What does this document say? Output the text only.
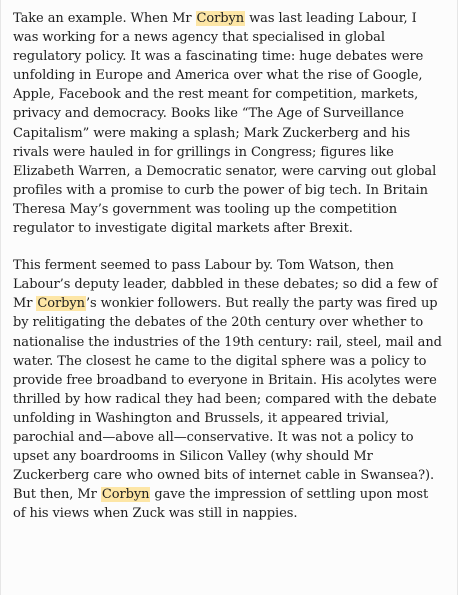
Take an example. When Mr Corbyn was last leading Labour, I
was working for a news agency that specialised in global
regulatory policy. It was a fascinating time: huge debates were
unfolding in Europe and America over what the rise of Google,
Apple, Facebook and the rest meant for competition, markets,
privacy and democracy. Books like “The Age of Surveillance
Capitalism” were making a splash; Mark Zuckerberg and his
rivals were hauled in for grillings in Congress; figures like
Elizabeth Warren, a Democratic senator, were carving out global
profiles with a promise to curb the power of big tech. In Britain
Theresa May’s government was tooling up the competition
regulator to investigate digital markets after Brexit.

This ferment seemed to pass Labour by. Tom Watson, then
Labour’s deputy leader, dabbled in these debates; so did a few of
Mr Corbyn’s wonkier followers. But really the party was fired up
by relitigating the debates of the 20th century over whether to
nationalise the industries of the 19th century: rail, steel, mail and
water. The closest he came to the digital sphere was a policy to
provide free broadband to everyone in Britain. His acolytes were
thrilled by how radical they had been; compared with the debate
unfolding in Washington and Brussels, it appeared trivial,
parochial and—above all—conservative. It was not a policy to
upset any boardrooms in Silicon Valley (why should Mr
Zuckerberg care who owned bits of internet cable in Swansea?).
But then, Mr Corbyn gave the impression of settling upon most
of his views when Zuck was still in nappies.
